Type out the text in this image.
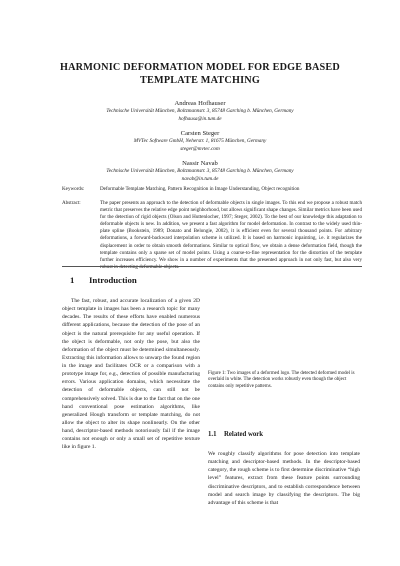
HARMONIC DEFORMATION MODEL FOR EDGE BASED TEMPLATE MATCHING
Andreas Hofhauser
Technische Universität München, Boltzmannstr. 3, 85748 Garching b. München, Germany
hofhausa@in.tum.de
Carsten Steger
MVTec Software GmbH, Neherstr. 1, 81675 München, Germany
steger@mvtec.com
Nassir Navab
Technische Universität München, Boltzmannstr. 3, 85748 Garching b. München, Germany
navab@in.tum.de
Keywords:	Deformable Template Matching, Pattern Recognition in Image Understanding, Object recognition
Abstract:	The paper presents an approach to the detection of deformable objects in single images. To this end we propose a robust match metric that preserves the relative edge point neighborhood, but allows significant shape changes. Similar metrics have been used for the detection of rigid objects (Olson and Huttenlocher, 1997; Steger, 2002). To the best of our knowledge this adaptation to deformable objects is new. In addition, we present a fast algorithm for model deformation. In contrast to the widely used thin-plate spline (Bookstein, 1989; Donato and Belongie, 2002), it is efficient even for several thousand points. For arbitrary deformations, a forward-backward interpolation scheme is utilized. It is based on harmonic inpainting, i.e. it regularizes the displacement in order to obtain smooth deformations. Similar to optical flow, we obtain a dense deformation field, though the template contains only a sparse set of model points. Using a coarse-to-fine representation for the distortion of the template further increases efficiency. We show in a number of experiments that the presented approach in not only fast, but also very robust in detecting deformable objects.
1 Introduction
The fast, robust, and accurate localization of a given 2D object template in images has been a research topic for many decades. The results of these efforts have enabled numerous different applications, because the detection of the pose of an object is the natural prerequisite for any useful operation. If the object is deformable, not only the pose, but also the deformation of the object must be determined simultaneously. Extracting this information allows to unwarp the found region in the image and facilitates OCR or a comparison with a prototype image for, e.g., detection of possible manufacturing errors. Various application domains, which necessitate the detection of deformable objects, can still not be comprehensively solved. This is due to the fact that on the one hand conventional pose estimation algorithms, like generalized Hough transform or template matching, do not allow the object to alter its shape nonlinearly. On the other hand, descriptor-based methods notoriously fail if the image contains not enough or only a small set of repetitive texture like in figure 1.
Figure 1: Two images of a deformed logo. The detected deformed model is overlaid in white. The detection works robustly even though the object contains only repetitive patterns.
1.1 Related work
We roughly classify algorithms for pose detection into template matching and descriptor-based methods. In the descriptor-based category, the rough scheme is to first determine discriminative “high level” features, extract from these feature points surrounding discriminative descriptors, and to establish correspondence between model and search image by classifying the descriptors. The big advantage of this scheme is that
